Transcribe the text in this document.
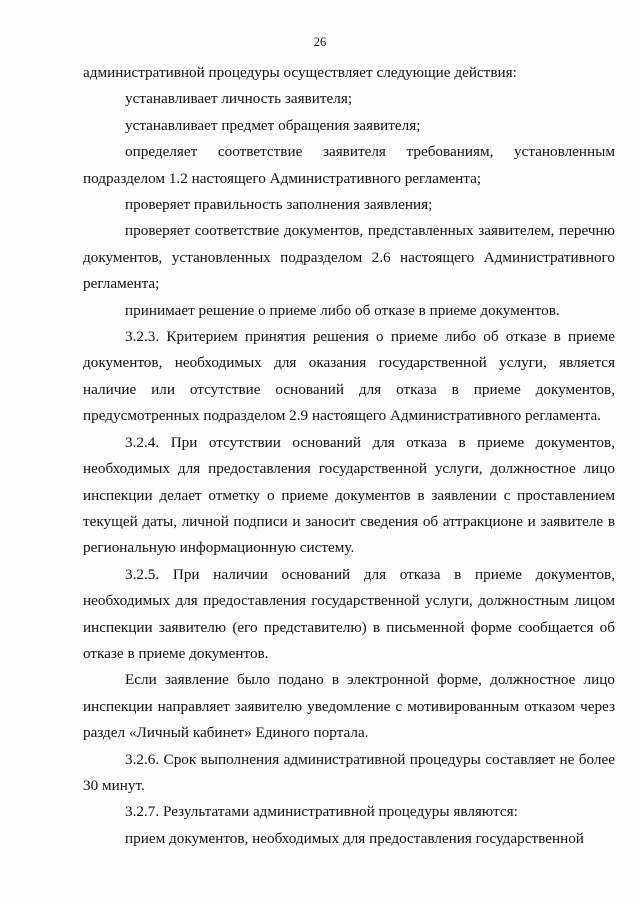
26

административной процедуры осуществляет следующие действия:

устанавливает личность заявителя;

устанавливает предмет обращения заявителя;

определяет соответствие заявителя требованиям, установленным подразделом 1.2 настоящего Административного регламента;

проверяет правильность заполнения заявления;

проверяет соответствие документов, представленных заявителем, перечню документов, установленных подразделом 2.6 настоящего Административного регламента;

принимает решение о приеме либо об отказе в приеме документов.

3.2.3. Критерием принятия решения о приеме либо об отказе в приеме документов, необходимых для оказания государственной услуги, является наличие или отсутствие оснований для отказа в приеме документов, предусмотренных подразделом 2.9 настоящего Административного регламента.

3.2.4. При отсутствии оснований для отказа в приеме документов, необходимых для предоставления государственной услуги, должностное лицо инспекции делает отметку о приеме документов в заявлении с проставлением текущей даты, личной подписи и заносит сведения об аттракционе и заявителе в региональную информационную систему.

3.2.5. При наличии оснований для отказа в приеме документов, необходимых для предоставления государственной услуги, должностным лицом инспекции заявителю (его представителю) в письменной форме сообщается об отказе в приеме документов.

Если заявление было подано в электронной форме, должностное лицо инспекции направляет заявителю уведомление с мотивированным отказом через раздел «Личный кабинет» Единого портала.

3.2.6. Срок выполнения административной процедуры составляет не более 30 минут.

3.2.7. Результатами административной процедуры являются:

прием документов, необходимых для предоставления государственной
